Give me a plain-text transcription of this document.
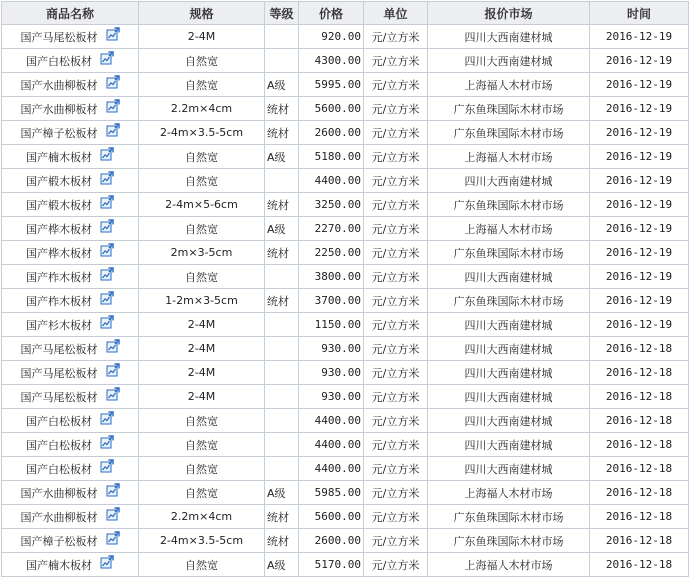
商品名称	规格	等级	价格	单位	报价市场	时间
国产马尾松板材	2-4M		920.00	元/立方米	四川大西南建材城	2016-12-19
国产白松板材	自然宽		4300.00	元/立方米	四川大西南建材城	2016-12-19
国产水曲柳板材	自然宽	A级	5995.00	元/立方米	上海福人木材市场	2016-12-19
国产水曲柳板材	2.2m×4cm	统材	5600.00	元/立方米	广东鱼珠国际木材市场	2016-12-19
国产樟子松板材	2-4m×3.5-5cm	统材	2600.00	元/立方米	广东鱼珠国际木材市场	2016-12-19
国产楠木板材	自然宽	A级	5180.00	元/立方米	上海福人木材市场	2016-12-19
国产椴木板材	自然宽		4400.00	元/立方米	四川大西南建材城	2016-12-19
国产椴木板材	2-4m×5-6cm	统材	3250.00	元/立方米	广东鱼珠国际木材市场	2016-12-19
国产桦木板材	自然宽	A级	2270.00	元/立方米	上海福人木材市场	2016-12-19
国产桦木板材	2m×3-5cm	统材	2250.00	元/立方米	广东鱼珠国际木材市场	2016-12-19
国产柞木板材	自然宽		3800.00	元/立方米	四川大西南建材城	2016-12-19
国产柞木板材	1-2m×3-5cm	统材	3700.00	元/立方米	广东鱼珠国际木材市场	2016-12-19
国产杉木板材	2-4M		1150.00	元/立方米	四川大西南建材城	2016-12-19
国产马尾松板材	2-4M		930.00	元/立方米	四川大西南建材城	2016-12-18
国产马尾松板材	2-4M		930.00	元/立方米	四川大西南建材城	2016-12-18
国产马尾松板材	2-4M		930.00	元/立方米	四川大西南建材城	2016-12-18
国产白松板材	自然宽		4400.00	元/立方米	四川大西南建材城	2016-12-18
国产白松板材	自然宽		4400.00	元/立方米	四川大西南建材城	2016-12-18
国产白松板材	自然宽		4400.00	元/立方米	四川大西南建材城	2016-12-18
国产水曲柳板材	自然宽	A级	5985.00	元/立方米	上海福人木材市场	2016-12-18
国产水曲柳板材	2.2m×4cm	统材	5600.00	元/立方米	广东鱼珠国际木材市场	2016-12-18
国产樟子松板材	2-4m×3.5-5cm	统材	2600.00	元/立方米	广东鱼珠国际木材市场	2016-12-18
国产楠木板材	自然宽	A级	5170.00	元/立方米	上海福人木材市场	2016-12-18
